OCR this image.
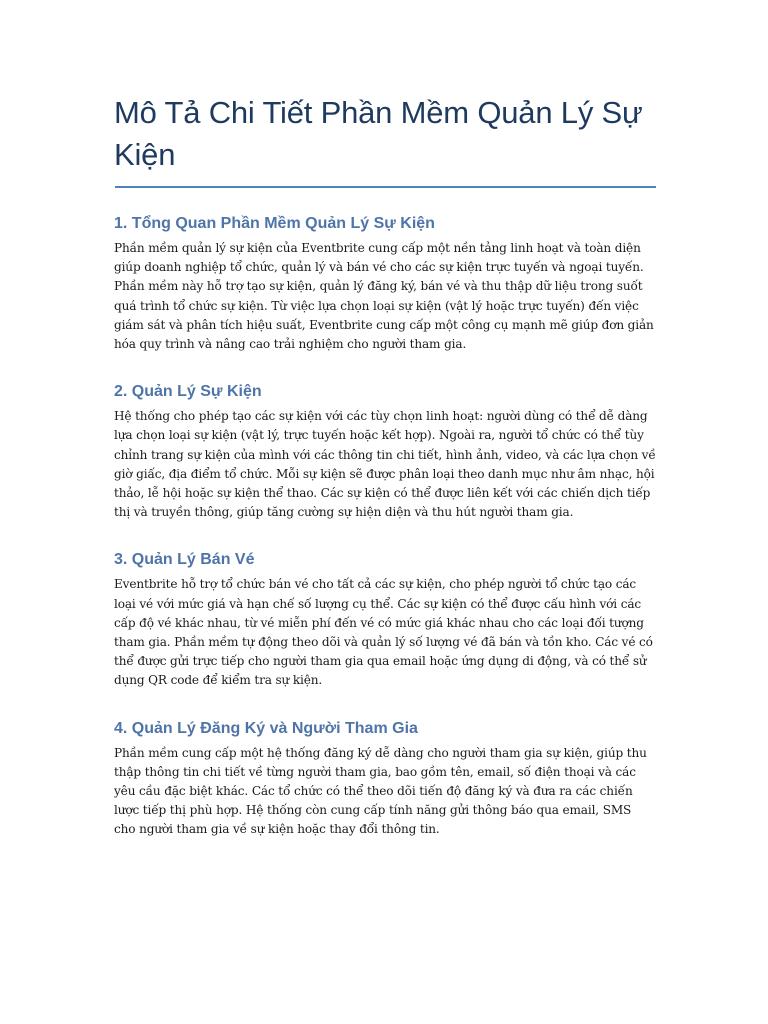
Mô Tả Chi Tiết Phần Mềm Quản Lý Sự Kiện
1. Tổng Quan Phần Mềm Quản Lý Sự Kiện

Phần mềm quản lý sự kiện của Eventbrite cung cấp một nền tảng linh hoạt và toàn diện giúp doanh nghiệp tổ chức, quản lý và bán vé cho các sự kiện trực tuyến và ngoại tuyến. Phần mềm này hỗ trợ tạo sự kiện, quản lý đăng ký, bán vé và thu thập dữ liệu trong suốt quá trình tổ chức sự kiện. Từ việc lựa chọn loại sự kiện (vật lý hoặc trực tuyến) đến việc giám sát và phân tích hiệu suất, Eventbrite cung cấp một công cụ mạnh mẽ giúp đơn giản hóa quy trình và nâng cao trải nghiệm cho người tham gia.

2. Quản Lý Sự Kiện

Hệ thống cho phép tạo các sự kiện với các tùy chọn linh hoạt: người dùng có thể dễ dàng lựa chọn loại sự kiện (vật lý, trực tuyến hoặc kết hợp). Ngoài ra, người tổ chức có thể tùy chỉnh trang sự kiện của mình với các thông tin chi tiết, hình ảnh, video, và các lựa chọn về giờ giấc, địa điểm tổ chức. Mỗi sự kiện sẽ được phân loại theo danh mục như âm nhạc, hội thảo, lễ hội hoặc sự kiện thể thao. Các sự kiện có thể được liên kết với các chiến dịch tiếp thị và truyền thông, giúp tăng cường sự hiện diện và thu hút người tham gia.

3. Quản Lý Bán Vé

Eventbrite hỗ trợ tổ chức bán vé cho tất cả các sự kiện, cho phép người tổ chức tạo các loại vé với mức giá và hạn chế số lượng cụ thể. Các sự kiện có thể được cấu hình với các cấp độ vé khác nhau, từ vé miễn phí đến vé có mức giá khác nhau cho các loại đối tượng tham gia. Phần mềm tự động theo dõi và quản lý số lượng vé đã bán và tồn kho. Các vé có thể được gửi trực tiếp cho người tham gia qua email hoặc ứng dụng di động, và có thể sử dụng QR code để kiểm tra sự kiện.

4. Quản Lý Đăng Ký và Người Tham Gia

Phần mềm cung cấp một hệ thống đăng ký dễ dàng cho người tham gia sự kiện, giúp thu thập thông tin chi tiết về từng người tham gia, bao gồm tên, email, số điện thoại và các yêu cầu đặc biệt khác. Các tổ chức có thể theo dõi tiến độ đăng ký và đưa ra các chiến lược tiếp thị phù hợp. Hệ thống còn cung cấp tính năng gửi thông báo qua email, SMS cho người tham gia về sự kiện hoặc thay đổi thông tin.
